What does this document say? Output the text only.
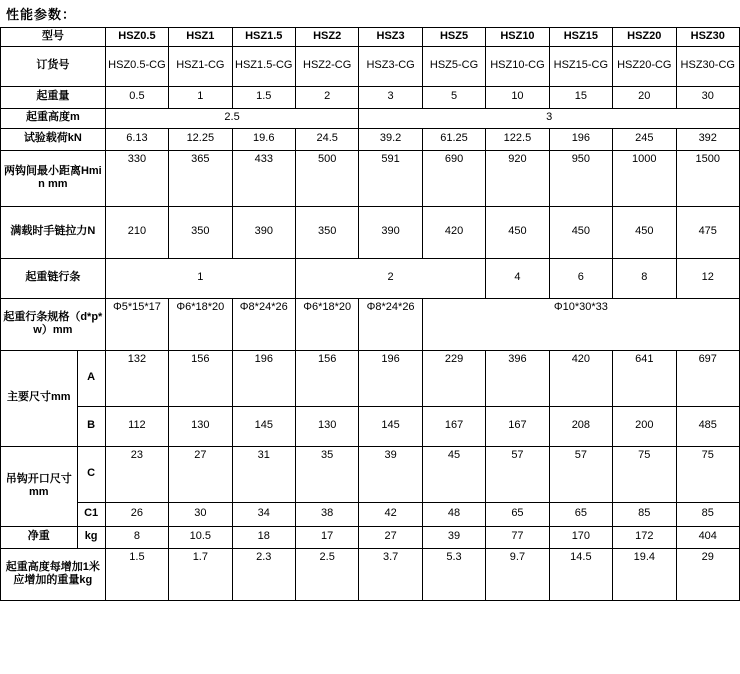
性能参数：
型号		HSZ0.5	HSZ1	HSZ1.5	HSZ2	HSZ3	HSZ5	HSZ10	HSZ15	HSZ20	HSZ30
订货号		HSZ0.5-CG	HSZ1-CG	HSZ1.5-CG	HSZ2-CG	HSZ3-CG	HSZ5-CG	HSZ10-CG	HSZ15-CG	HSZ20-CG	HSZ30-CG
起重量		0.5	1	1.5	2	3	5	10	15	20	30
起重高度m		2.5				3					
试验载荷kN		6.13	12.25	19.6	24.5	39.2	61.25	122.5	196	245	392
两钩间最小距离Hmin mm		330	365	433	500	591	690	920	950	1000	1500
满载时手链拉力N		210	350	390	350	390	420	450	450	450	475
起重链行条		1			2			4	6	8	12
起重行条规格（d*p*w）mm		Φ5*15*17	Φ6*18*20	Φ8*24*26	Φ6*18*20	Φ8*24*26	Φ10*30*33				
主要尺寸mm	A	132	156	196	156	196	229	396	420	641	697
	B	112	130	145	130	145	167	167	208	200	485
吊钩开口尺寸mm	C	23	27	31	35	39	45	57	57	75	75
	C1	26	30	34	38	42	48	65	65	85	85
净重	kg	8	10.5	18	17	27	39	77	170	172	404
起重高度每增加1米应增加的重量kg		1.5	1.7	2.3	2.5	3.7	5.3	9.7	14.5	19.4	29
